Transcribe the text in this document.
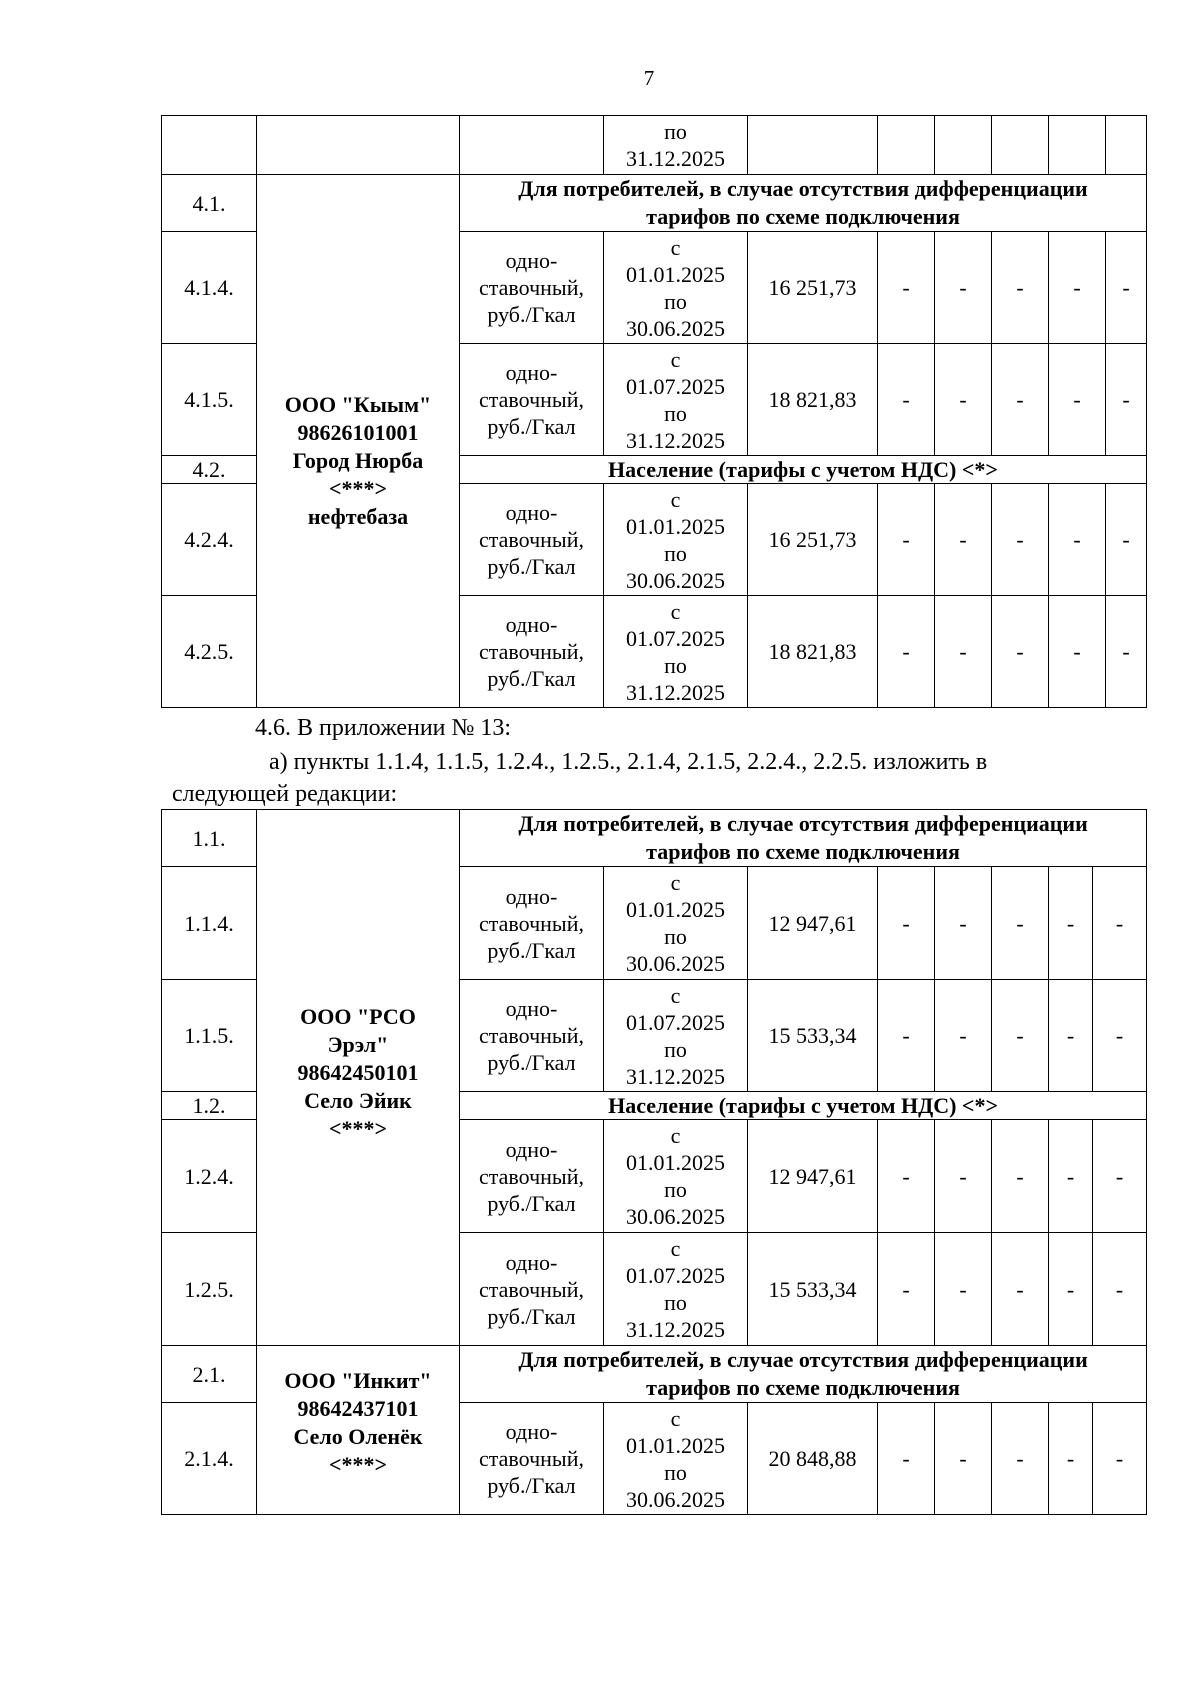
7

			по
31.12.2025						

4.1.	ООО "Кыым"
98626101001
Город Нюрба
<***>
нефтебаза	Для потребителей, в случае отсутствия дифференциации
тарифов по схеме подключения							

4.1.4.		одно-
ставочный,
руб./Гкал	с
01.01.2025
по
30.06.2025	16 251,73	-	-	-	-	-
4.1.5.		одно-
ставочный,
руб./Гкал	с
01.07.2025
по
31.12.2025	18 821,83	-	-	-	-	-
4.2.		Население (тарифы с учетом НДС) <*>							
4.2.4.		одно-
ставочный,
руб./Гкал	с
01.01.2025
по
30.06.2025	16 251,73	-	-	-	-	-
4.2.5.		одно-
ставочный,
руб./Гкал	с
01.07.2025
по
31.12.2025	18 821,83	-	-	-	-	-
4.6. В приложении № 13:
а) пункты 1.1.4, 1.1.5, 1.2.4., 1.2.5., 2.1.4, 2.1.5, 2.2.4., 2.2.5. изложить в
следующей редакции:
1.1.	ООО "РСО
Эрэл"
98642450101
Село Эйик
<***>	Для потребителей, в случае отсутствия дифференциации
тарифов по схеме подключения							

1.1.4.		одно-
ставочный,
руб./Гкал	с
01.01.2025
по
30.06.2025	12 947,61	-	-	-	-	-
1.1.5.		одно-
ставочный,
руб./Гкал	с
01.07.2025
по
31.12.2025	15 533,34	-	-	-	-	-
1.2.		Население (тарифы с учетом НДС) <*>							
1.2.4.		одно-
ставочный,
руб./Гкал	с
01.01.2025
по
30.06.2025	12 947,61	-	-	-	-	-
1.2.5.		одно-
ставочный,
руб./Гкал	с
01.07.2025
по
31.12.2025	15 533,34	-	-	-	-	-
2.1.	ООО "Инкит"
98642437101
Село Оленёк
<***>	Для потребителей, в случае отсутствия дифференциации
тарифов по схеме подключения							

2.1.4.		одно-
ставочный,
руб./Гкал	с
01.01.2025
по
30.06.2025	20 848,88	-	-	-	-	-
